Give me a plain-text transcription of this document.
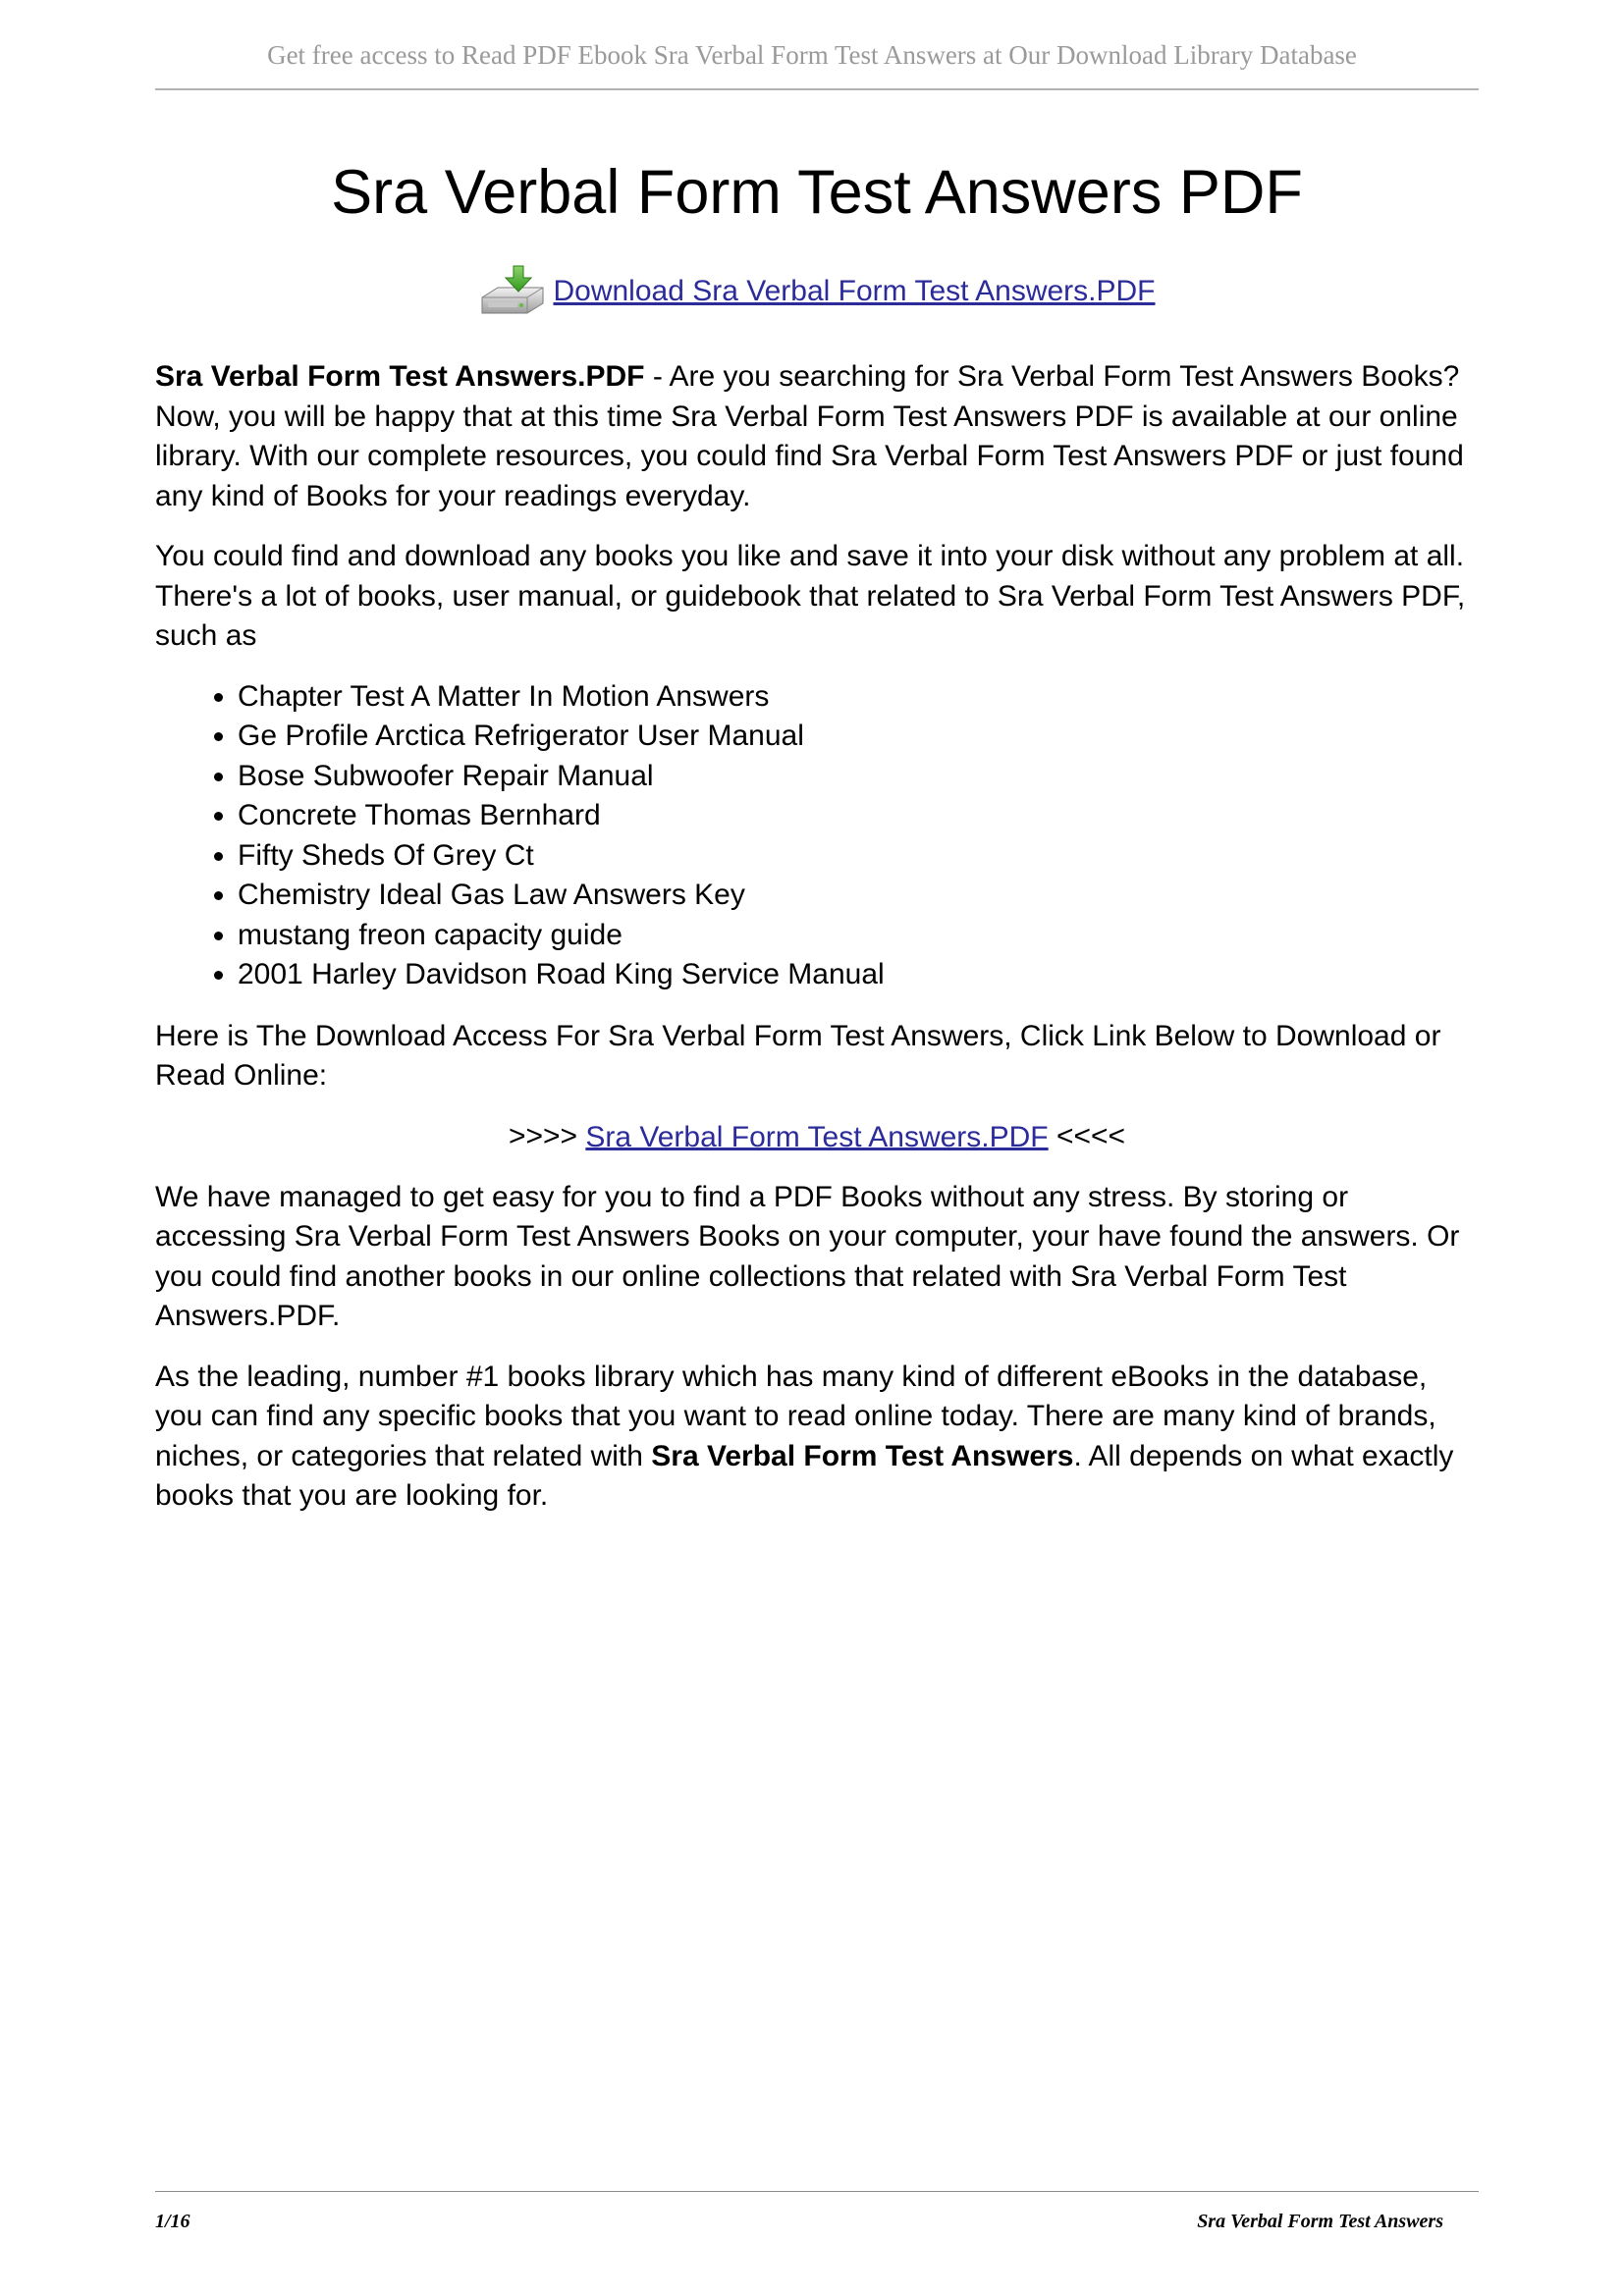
Get free access to Read PDF Ebook Sra Verbal Form Test Answers at Our Download Library Database
Sra Verbal Form Test Answers PDF
Download Sra Verbal Form Test Answers.PDF

Sra Verbal Form Test Answers.PDF - Are you searching for Sra Verbal Form Test Answers Books? Now, you will be happy that at this time Sra Verbal Form Test Answers PDF is available at our online library. With our complete resources, you could find Sra Verbal Form Test Answers PDF or just found any kind of Books for your readings everyday.

You could find and download any books you like and save it into your disk without any problem at all. There's a lot of books, user manual, or guidebook that related to Sra Verbal Form Test Answers PDF, such as

• Chapter Test A Matter In Motion Answers
• Ge Profile Arctica Refrigerator User Manual
• Bose Subwoofer Repair Manual
• Concrete Thomas Bernhard
• Fifty Sheds Of Grey Ct
• Chemistry Ideal Gas Law Answers Key
• mustang freon capacity guide
• 2001 Harley Davidson Road King Service Manual

Here is The Download Access For Sra Verbal Form Test Answers, Click Link Below to Download or Read Online:

>>>> Sra Verbal Form Test Answers.PDF <<<<

We have managed to get easy for you to find a PDF Books without any stress. By storing or accessing Sra Verbal Form Test Answers Books on your computer, your have found the answers. Or you could find another books in our online collections that related with Sra Verbal Form Test Answers.PDF.

As the leading, number #1 books library which has many kind of different eBooks in the database, you can find any specific books that you want to read online today. There are many kind of brands, niches, or categories that related with Sra Verbal Form Test Answers. All depends on what exactly books that you are looking for.

1/16	Sra Verbal Form Test Answers
